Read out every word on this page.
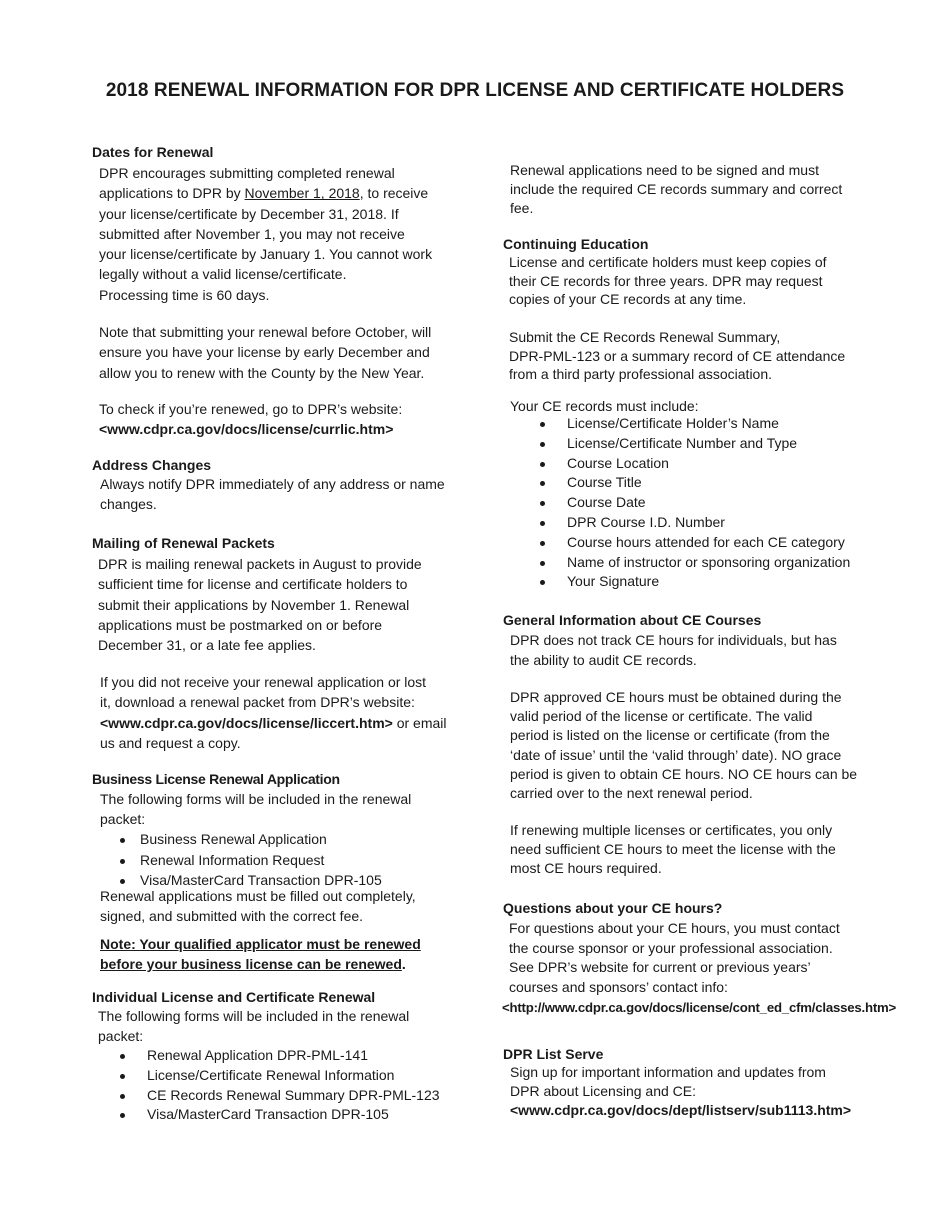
2018 RENEWAL INFORMATION FOR DPR LICENSE AND CERTIFICATE HOLDERS
Dates for Renewal
DPR encourages submitting completed renewal
applications to DPR by November 1, 2018, to receive
your license/certificate by December 31, 2018. If
submitted after November 1, you may not receive
your license/certificate by January 1. You cannot work
legally without a valid license/certificate.
Processing time is 60 days.
Note that submitting your renewal before October, will
ensure you have your license by early December and
allow you to renew with the County by the New Year.
To check if you’re renewed, go to DPR’s website:
<www.cdpr.ca.gov/docs/license/currlic.htm>
Address Changes
Always notify DPR immediately of any address or name
changes.
Mailing of Renewal Packets
DPR is mailing renewal packets in August to provide
sufficient time for license and certificate holders to
submit their applications by November 1. Renewal
applications must be postmarked on or before
December 31, or a late fee applies.
If you did not receive your renewal application or lost
it, download a renewal packet from DPR’s website:
<www.cdpr.ca.gov/docs/license/liccert.htm> or email
us and request a copy.
Business License Renewal Application
The following forms will be included in the renewal
packet:
Business Renewal Application
Renewal Information Request
Visa/MasterCard Transaction DPR-105
Renewal applications must be filled out completely,
signed, and submitted with the correct fee.
Note: Your qualified applicator must be renewed
before your business license can be renewed.
Individual License and Certificate Renewal
The following forms will be included in the renewal
packet:
Renewal Application DPR-PML-141
License/Certificate Renewal Information
CE Records Renewal Summary DPR-PML-123
Visa/MasterCard Transaction DPR-105
Renewal applications need to be signed and must
include the required CE records summary and correct
fee.
Continuing Education
License and certificate holders must keep copies of
their CE records for three years. DPR may request
copies of your CE records at any time.
Submit the CE Records Renewal Summary,
DPR-PML-123 or a summary record of CE attendance
from a third party professional association.
Your CE records must include:
License/Certificate Holder’s Name
License/Certificate Number and Type
Course Location
Course Title
Course Date
DPR Course I.D. Number
Course hours attended for each CE category
Name of instructor or sponsoring organization
Your Signature
General Information about CE Courses
DPR does not track CE hours for individuals, but has
the ability to audit CE records.
DPR approved CE hours must be obtained during the
valid period of the license or certificate. The valid
period is listed on the license or certificate (from the
‘date of issue’ until the ‘valid through’ date). NO grace
period is given to obtain CE hours. NO CE hours can be
carried over to the next renewal period.
If renewing multiple licenses or certificates, you only
need sufficient CE hours to meet the license with the
most CE hours required.
Questions about your CE hours?
For questions about your CE hours, you must contact
the course sponsor or your professional association.
See DPR’s website for current or previous years’
courses and sponsors’ contact info:
<http://www.cdpr.ca.gov/docs/license/cont_ed_cfm/classes.htm>
DPR List Serve
Sign up for important information and updates from
DPR about Licensing and CE:
<www.cdpr.ca.gov/docs/dept/listserv/sub1113.htm>
